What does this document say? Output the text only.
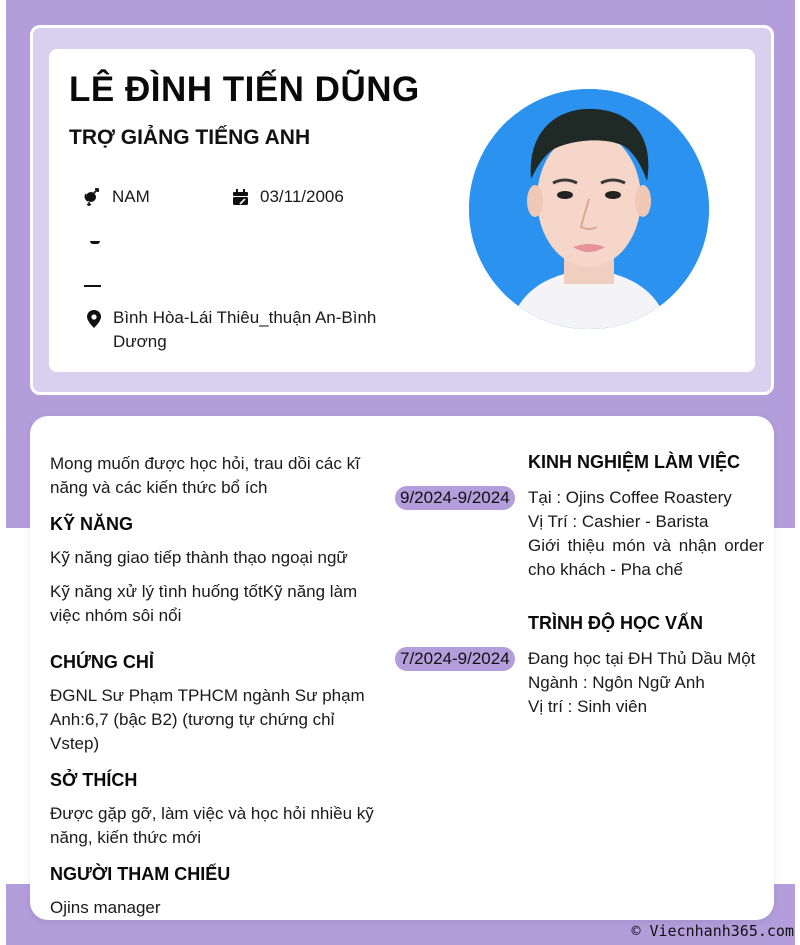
LÊ ĐÌNH TIẾN DŨNG
TRỢ GIẢNG TIẾNG ANH
NAM	03/11/2006
Bình Hòa-Lái Thiêu_thuận An-Bình Dương

Mong muốn được học hỏi, trau dồi các kĩ năng và các kiến thức bổ ích

KỸ NĂNG

Kỹ năng giao tiếp thành thạo ngoại ngữ

Kỹ năng xử lý tình huống tốtKỹ năng làm việc nhóm sôi nổi

CHỨNG CHỈ

ĐGNL Sư Phạm TPHCM ngành Sư phạm Anh:6,7 (bậc B2) (tương tự chứng chỉ Vstep)

SỞ THÍCH

Được gặp gỡ, làm việc và học hỏi nhiều kỹ năng, kiến thức mới

NGƯỜI THAM CHIẾU

Ojins manager

KINH NGHIỆM LÀM VIỆC
9/2024-9/2024 Tại : Ojins Coffee Roastery
Vị Trí : Cashier - Barista
Giới thiệu món và nhận order cho khách - Pha chế
TRÌNH ĐỘ HỌC VẤN
7/2024-9/2024 Đang học tại ĐH Thủ Dầu Một
Ngành : Ngôn Ngữ Anh
Vị trí : Sinh viên
© Viecnhanh365.com
